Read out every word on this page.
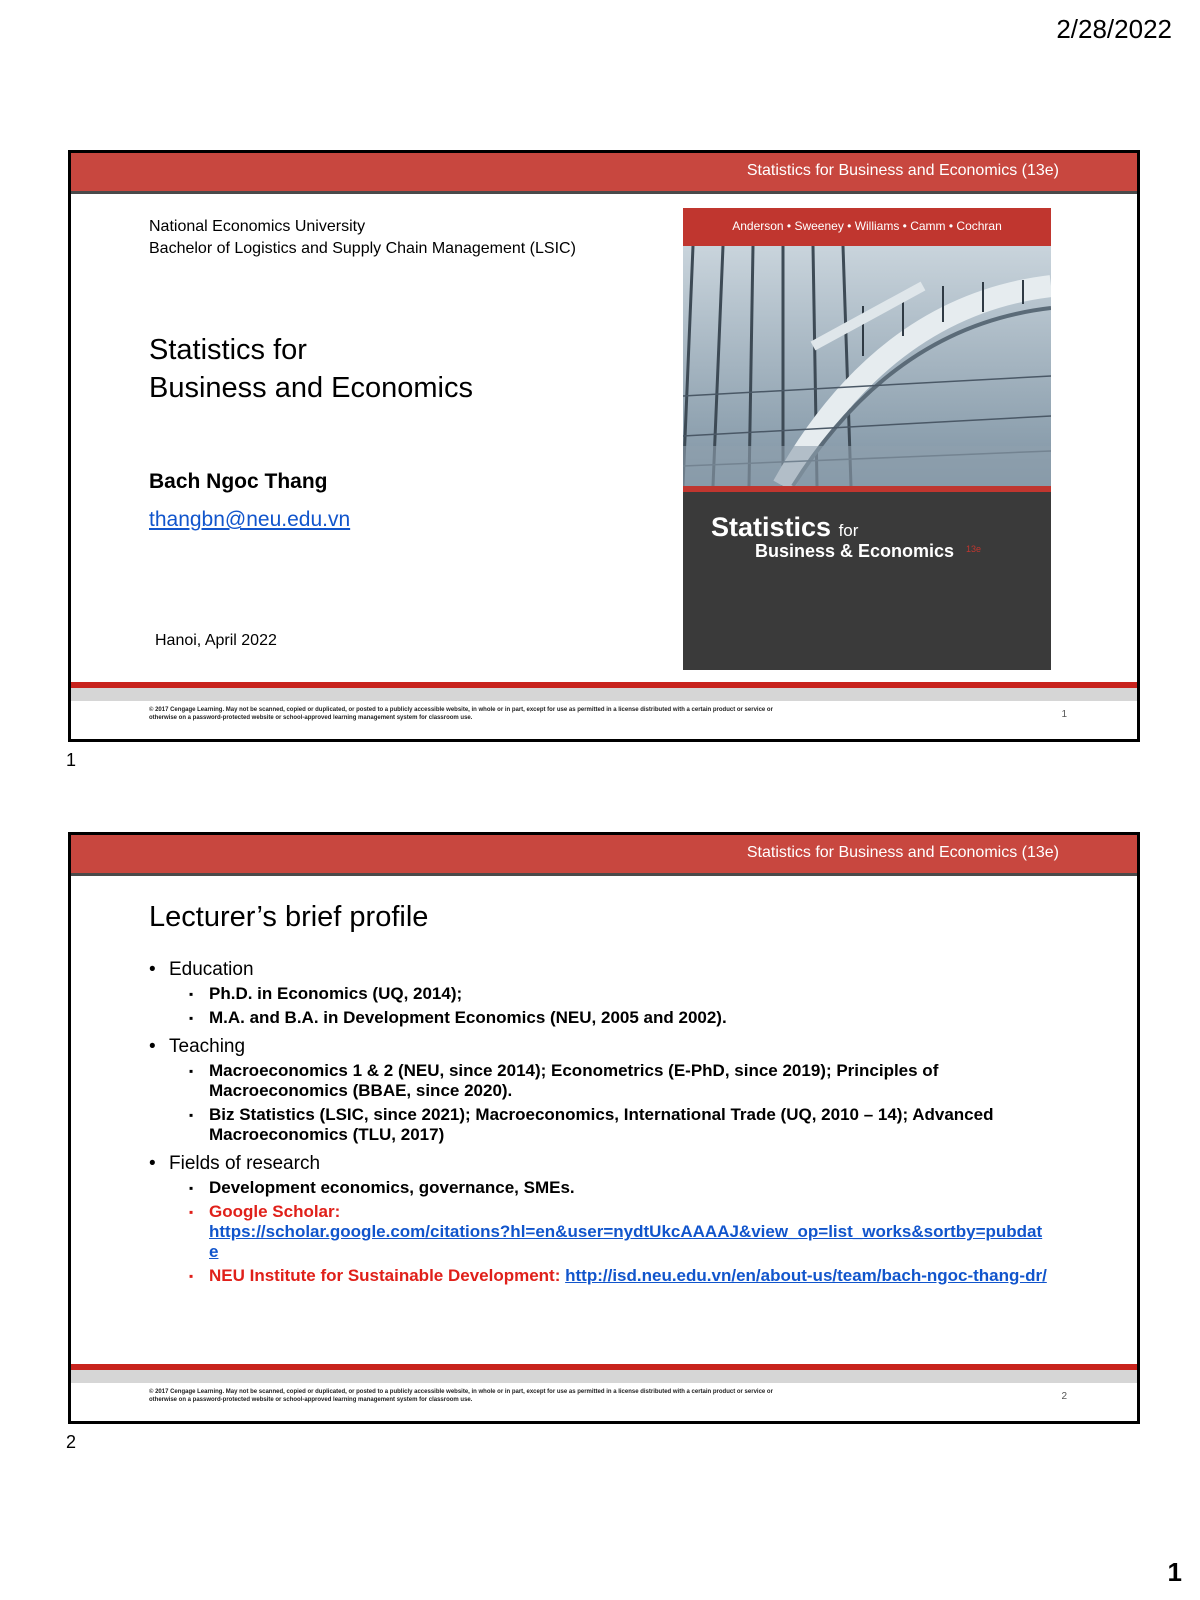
2/28/2022
Statistics for Business and Economics (13e)
National Economics University
Bachelor of Logistics and Supply Chain Management (LSIC)
Statistics for
Business and Economics
Bach Ngoc Thang
thangbn@neu.edu.vn
Hanoi, April 2022
Anderson • Sweeney • Williams • Camm • Cochran
Statistics for
Business & Economics 13e
© 2017 Cengage Learning. May not be scanned, copied or duplicated, or posted to a publicly accessible website, in whole or in part, except for use as permitted in a license distributed with a certain product or service or
otherwise on a password-protected website or school-approved learning management system for classroom use.	1
1
Statistics for Business and Economics (13e)
Lecturer’s brief profile
• Education
▪ Ph.D. in Economics (UQ, 2014);
▪ M.A. and B.A. in Development Economics (NEU, 2005 and 2002).
• Teaching
▪ Macroeconomics 1 & 2 (NEU, since 2014); Econometrics (E-PhD, since 2019); Principles of Macroeconomics (BBAE, since 2020).
▪ Biz Statistics (LSIC, since 2021); Macroeconomics, International Trade (UQ, 2010 – 14); Advanced Macroeconomics (TLU, 2017)
• Fields of research
▪ Development economics, governance, SMEs.
▪ Google Scholar:
https://scholar.google.com/citations?hl=en&user=nydtUkcAAAAJ&view_op=list_works&sortby=pubdate
▪ NEU Institute for Sustainable Development: http://isd.neu.edu.vn/en/about-us/team/bach-ngoc-thang-dr/
© 2017 Cengage Learning. May not be scanned, copied or duplicated, or posted to a publicly accessible website, in whole or in part, except for use as permitted in a license distributed with a certain product or service or
otherwise on a password-protected website or school-approved learning management system for classroom use.	2
2
1
